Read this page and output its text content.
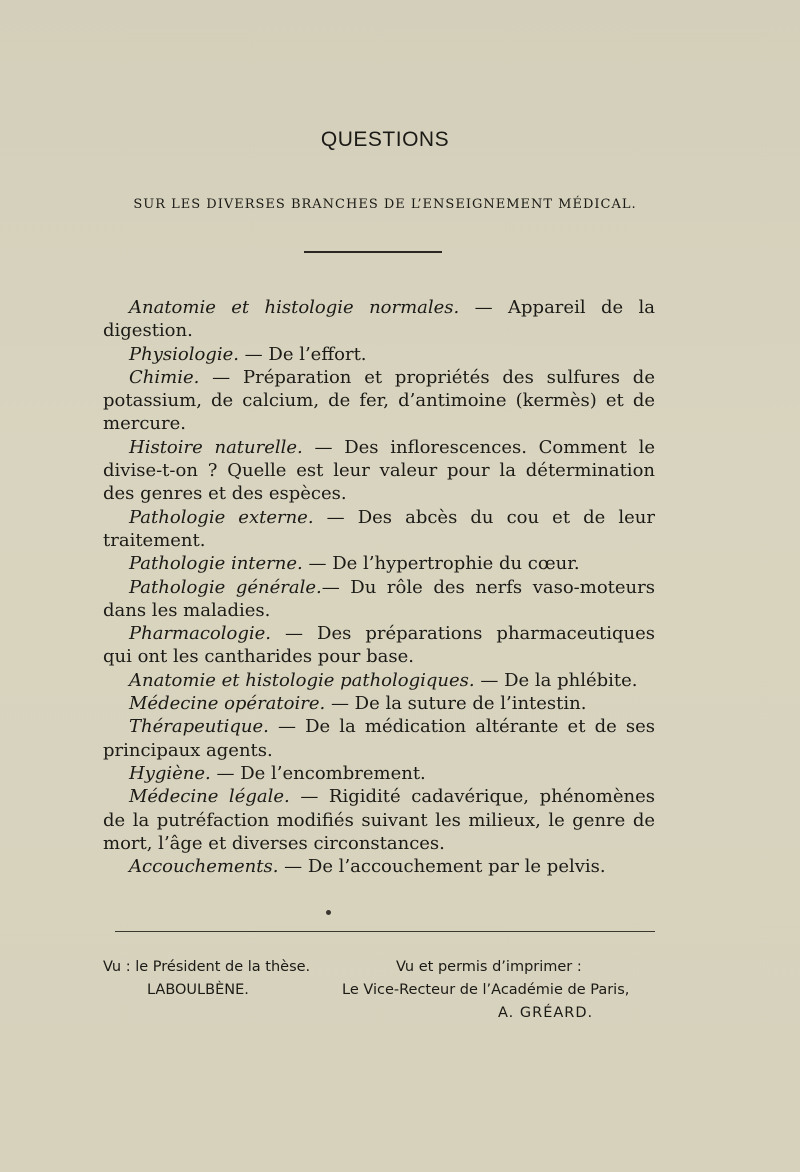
QUESTIONS
SUR LES DIVERSES BRANCHES DE L’ENSEIGNEMENT MÉDICAL.

Anatomie et histologie normales. — Appareil de la digestion.

Physiologie. — De l’effort.

Chimie. — Préparation et propriétés des sulfures de potassium, de calcium, de fer, d’antimoine (kermès) et de mercure.

Histoire naturelle. — Des inflorescences. Comment le divise-t-on ? Quelle est leur valeur pour la détermination des genres et des espèces.

Pathologie externe. — Des abcès du cou et de leur traitement.

Pathologie interne. — De l’hypertrophie du cœur.

Pathologie générale.— Du rôle des nerfs vaso-moteurs dans les maladies.

Pharmacologie. — Des préparations pharmaceutiques qui ont les cantharides pour base.

Anatomie et histologie pathologiques. — De la phlébite.

Médecine opératoire. — De la suture de l’intestin.

Thérapeutique. — De la médication altérante et de ses principaux agents.

Hygiène. — De l’encombrement.

Médecine légale. — Rigidité cadavérique, phénomènes de la putréfaction modifiés suivant les milieux, le genre de mort, l’âge et diverses circonstances.

Accouchements. — De l’accouchement par le pelvis.

Vu : le Président de la thèse.
LABOULBÈNE.
Vu et permis d’imprimer :
Le Vice-Recteur de l’Académie de Paris,
A. GRÉARD.
